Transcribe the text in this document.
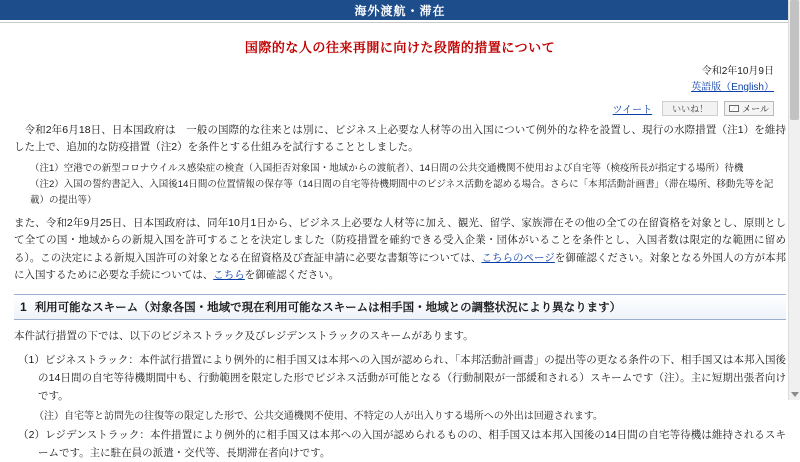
海外渡航・滞在
国際的な人の往来再開に向けた段階的措置について
令和2年10月9日
英語版（English）
ツイート	いいね！	メール
令和2年6月18日、日本国政府は　一般の国際的な往来とは別に、ビジネス上必要な人材等の出入国について例外的な枠を設置し、現行の水際措置（注1）を維持した上で、追加的な防疫措置（注2）を条件とする仕組みを試行することとしました。
（注1）空港での新型コロナウイルス感染症の検査（入国拒否対象国・地域からの渡航者）、14日間の公共交通機関不使用および自宅等（検疫所長が指定する場所）待機
（注2）入国の誓約書記入、入国後14日間の位置情報の保存等（14日間の自宅等待機期間中のビジネス活動を認める場合。さらに「本邦活動計画書」（滞在場所、移動先等を記載）の提出等）
また、令和2年9月25日、日本国政府は、同年10月1日から、ビジネス上必要な人材等に加え、観光、留学、家族滞在その他の全ての在留資格を対象とし、原則として全ての国・地域からの新規入国を許可することを決定しました（防疫措置を確約できる受入企業・団体がいることを条件とし、入国者数は限定的な範囲に留める）。この決定による新規入国許可の対象となる在留資格及び査証申請に必要な書類等については、こちらのページを御確認ください。対象となる外国人の方が本邦に入国するために必要な手続については、こちらを御確認ください。
1 利用可能なスキーム（対象各国・地域で現在利用可能なスキームは相手国・地域との調整状況により異なります）
本件試行措置の下では、以下のビジネストラック及びレジデンストラックのスキームがあります。
（1）ビジネストラック：本件試行措置により例外的に相手国又は本邦への入国が認められ、「本邦活動計画書」の提出等の更なる条件の下、相手国又は本邦入国後の14日間の自宅等待機期間中も、行動範囲を限定した形でビジネス活動が可能となる（行動制限が一部緩和される）スキームです（注）。主に短期出張者向けです。
（注）自宅等と訪問先の往復等の限定した形で、公共交通機関不使用、不特定の人が出入りする場所への外出は回避されます。
（2）レジデンストラック：本件措置により例外的に相手国又は本邦への入国が認められるものの、相手国又は本邦入国後の14日間の自宅等待機は維持されるスキームです。主に駐在員の派遣・交代等、長期滞在者向けです。
